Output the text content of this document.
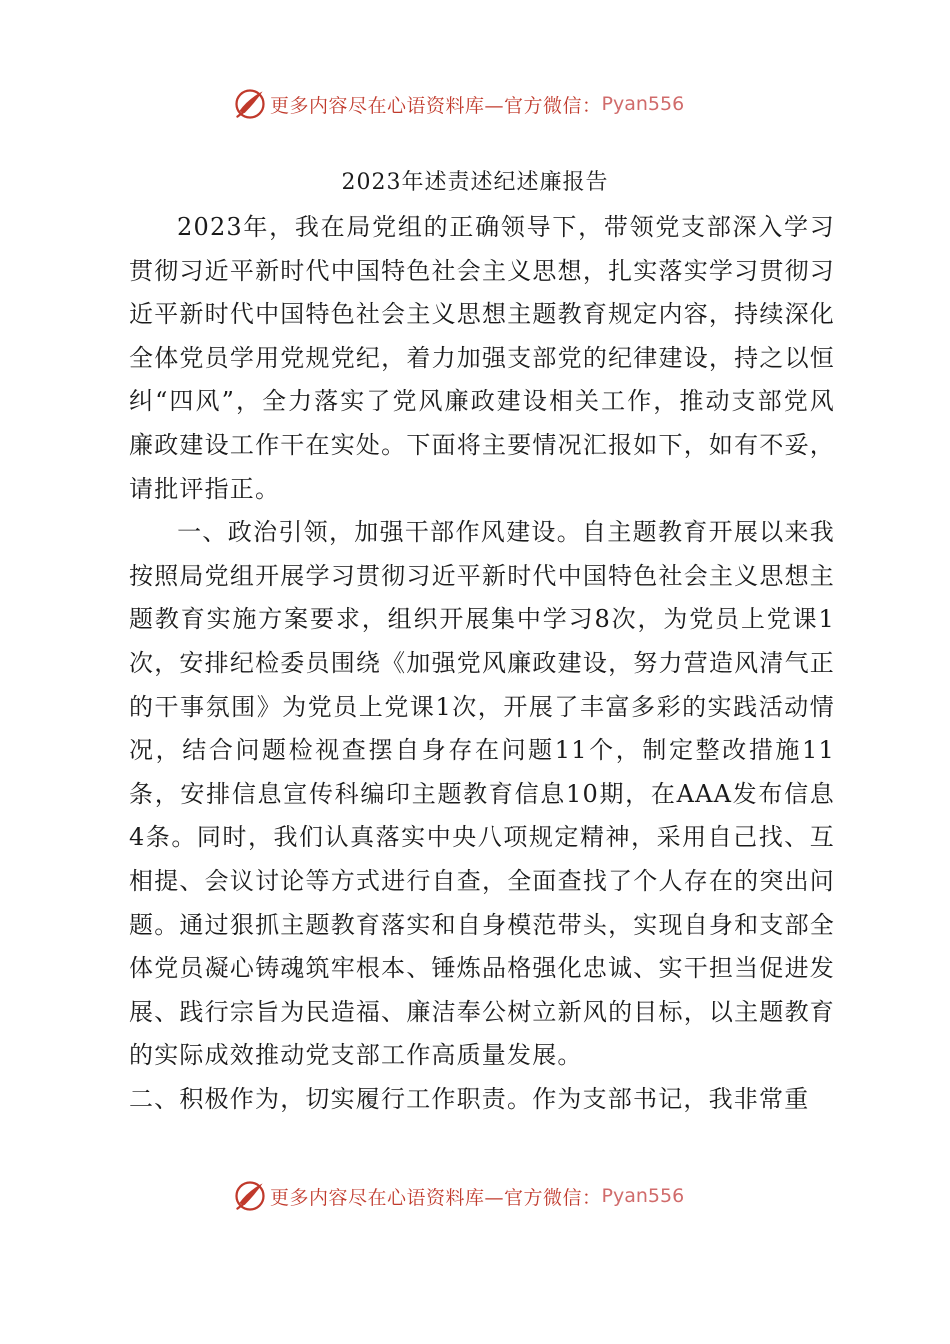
更多内容尽在心语资料库—官方微信： Pyan556
2023年述责述纪述廉报告

2023年，我在局党组的正确领导下，带领党支部深入学习贯彻习近平新时代中国特色社会主义思想，扎实落实学习贯彻习近平新时代中国特色社会主义思想主题教育规定内容，持续深化全体党员学用党规党纪，着力加强支部党的纪律建设，持之以恒纠“四风”，全力落实了党风廉政建设相关工作，推动支部党风廉政建设工作干在实处。下面将主要情况汇报如下，如有不妥，请批评指正。

一、政治引领，加强干部作风建设。自主题教育开展以来我按照局党组开展学习贯彻习近平新时代中国特色社会主义思想主题教育实施方案要求，组织开展集中学习8次，为党员上党课1次，安排纪检委员围绕《加强党风廉政建设，努力营造风清气正的干事氛围》为党员上党课1次，开展了丰富多彩的实践活动情况，结合问题检视查摆自身存在问题11个，制定整改措施11条，安排信息宣传科编印主题教育信息10期，在AAA发布信息4条。同时，我们认真落实中央八项规定精神，采用自己找、互相提、会议讨论等方式进行自查，全面查找了个人存在的突出问题。通过狠抓主题教育落实和自身模范带头，实现自身和支部全体党员凝心铸魂筑牢根本、锤炼品格强化忠诚、实干担当促进发展、践行宗旨为民造福、廉洁奉公树立新风的目标，以主题教育的实际成效推动党支部工作高质量发展。

二、积极作为，切实履行工作职责。作为支部书记，我非常重

更多内容尽在心语资料库—官方微信： Pyan556
